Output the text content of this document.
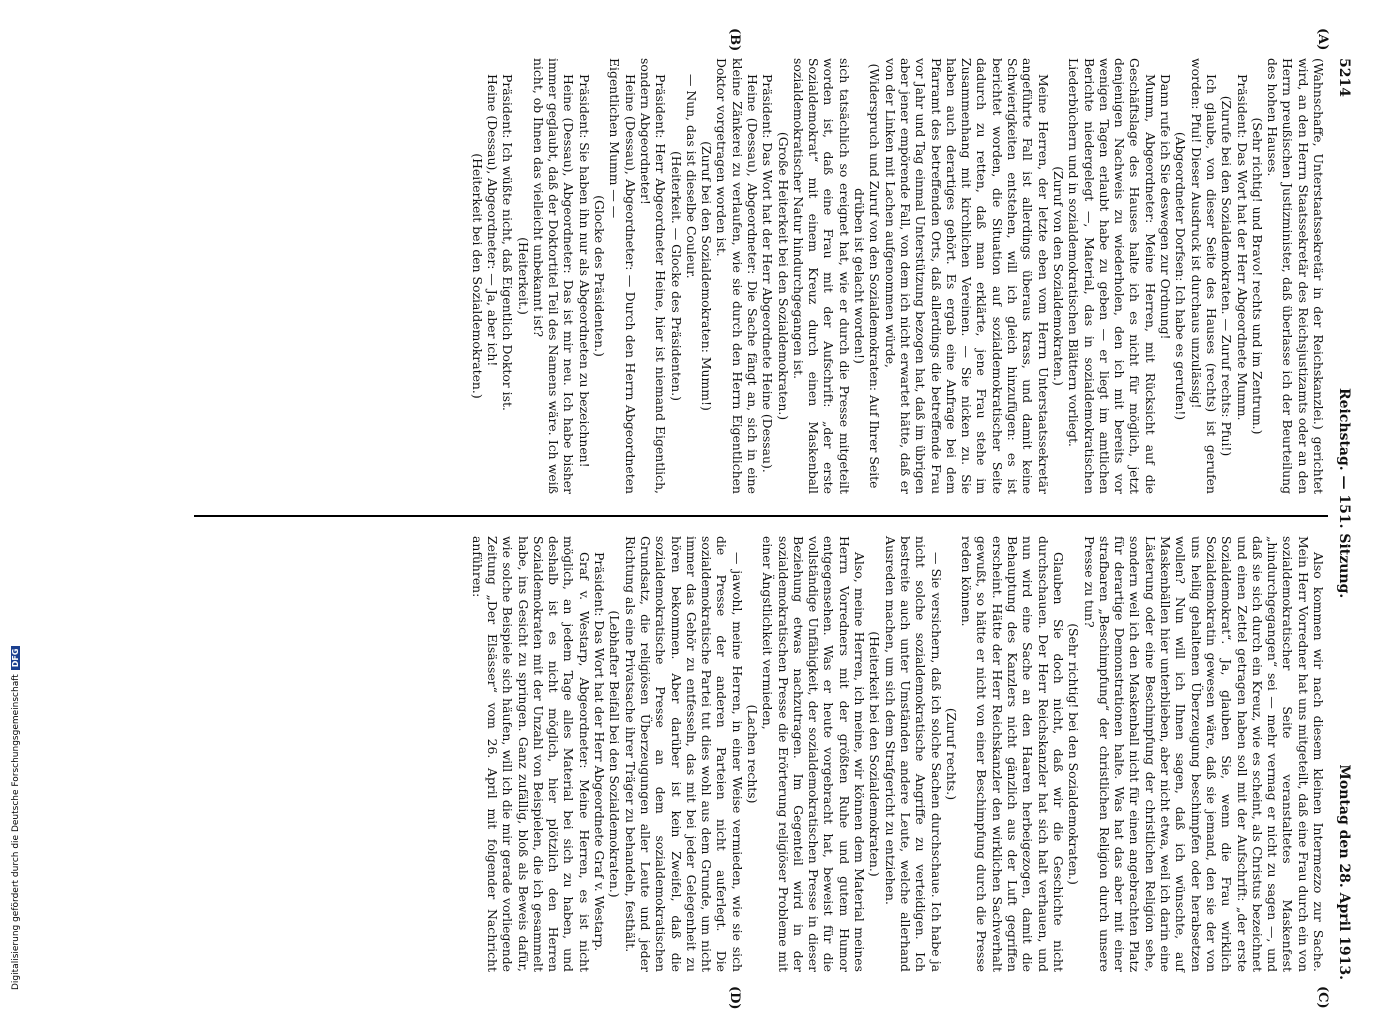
Digitalisierung gefördert durch die Deutsche ForschungsgemeinschaftDFG
5214
Reichstag. — 151. Sitzung.
Montag den 28. April 1913.
(A)
(B)
(C)
(D)

(Wahnschaffe, Unterstaatssekretär in der Reichskanzlei.) gerichtet wird, an den Herrn Staatssekretär des Reichsjustizamts oder an den Herrn preußischen Justizminister, daß überlasse ich der Beurteilung des hohen Hauses.

(Sehr richtig! und Bravo! rechts und im Zentrum.)

Präsident: Das Wort hat der Herr Abgeordnete Mumm.

(Zurufe bei den Sozialdemokraten. — Zuruf rechts: Pfui!)

Ich glaube, von dieser Seite des Hauses (rechts) ist gerufen worden: Pfui! Dieser Ausdruck ist durchaus unzulässig!

(Abgeordneter Dorfsen: Ich habe es gerufen!)

Dann rufe ich Sie deswegen zur Ordnung!

Mumm, Abgeordneter: Meine Herren, mit Rücksicht auf die Geschäftslage des Hauses halte ich es nicht für möglich, jetzt denjenigen Nachweis zu wiederholen, den ich mit bereits vor wenigen Tagen erlaubt habe zu geben — er liegt im amtlichen Berichte niedergelegt —, Material, das in sozialdemokratischen Liederbüchern und in sozialdemokratischen Blättern vorliegt.

(Zuruf von den Sozialdemokraten.)

Meine Herren, der letzte eben vom Herrn Unterstaatssekretär angeführte Fall ist allerdings überaus krass, und damit keine Schwierigkeiten entstehen, will ich gleich hinzufügen: es ist berichtet worden, die Situation auf sozialdemokratischer Seite dadurch zu retten, daß man erklärte, jene Frau stehe im Zusammenhang mit kirchlichen Vereinen. — Sie nicken zu. Sie haben auch derartiges gehört. Es ergab eine Anfrage bei dem Pfarramt des betreffenden Orts, daß allerdings die betreffende Frau vor Jahr und Tag einmal Unterstützung bezogen hat, daß im übrigen aber jener empörende Fall, von dem ich nicht erwartet hätte, daß er von der Linken mit Lachen aufgenommen würde,

(Widerspruch und Zuruf von den Sozialdemokraten: Auf Ihrer Seite drüben ist gelacht worden!)

sich tatsächlich so ereignet hat, wie er durch die Presse mitgeteilt worden ist, daß eine Frau mit der Aufschrift: „der erste Sozialdemokrat“ mit einem Kreuz durch einen Maskenball sozialdemokratischer Natur hindurchgegangen ist.

(Große Heiterkeit bei den Sozialdemokraten.)

Präsident: Das Wort hat der Herr Abgeordnete Heine (Dessau).

Heine (Dessau), Abgeordneter: Die Sache fängt an, sich in eine kleine Zänkerei zu verlaufen, wie sie durch den Herrn Eigentlichen Doktor vorgetragen worden ist.

(Zuruf bei den Sozialdemokraten: Mumm!)

— Nun, das ist dieselbe Couleur.

(Heiterkeit. — Glocke des Präsidenten.)

Präsident: Herr Abgeordneter Heine, hier ist niemand Eigentlich, sondern Abgeordneter!

Heine (Dessau), Abgeordneter: — Durch den Herrn Abgeordneten Eigentlichen Mumm — —

(Glocke des Präsidenten.)

Präsident: Sie haben ihn nur als Abgeordneten zu bezeichnen!

Heine (Dessau), Abgeordneter: Das ist mir neu. Ich habe bisher immer geglaubt, daß der Doktortitel Teil des Namens wäre. Ich weiß nicht, ob Ihnen das vielleicht unbekannt ist?

(Heiterkeit.)

Präsident: Ich wüßte nicht, daß Eigentlich Doktor ist.

Heine (Dessau), Abgeordneter: — Ja, aber ich!

(Heiterkeit bei den Sozialdemokraten.)

Also kommen wir nach diesem kleinen Intermezzo zur Sache. Mein Herr Vorredner hat uns mitgeteilt, daß eine Frau durch ein von sozialdemokratischer Seite veranstaltetes Maskenfest „hindurchgegangen“ sei — mehr vermag er nicht zu sagen —, und daß sie sich durch ein Kreuz, wie es scheint, als Christus bezeichnet und einen Zettel getragen haben soll mit der Aufschrift: „der erste Sozialdemokrat“. Ja, glauben Sie, wenn die Frau wirklich Sozialdemokratin gewesen wäre, daß sie jemand, den sie der von uns heilig gehaltenen Überzeugung beschimpfen oder herabsetzen wollen? Nun will ich Ihnen sagen, daß ich wünschte, auf Maskenbällen hier unterblieben, aber nicht etwa, weil ich darin eine Lästerung oder eine Beschimpfung der christlichen Religion sehe, sondern weil ich den Maskenball nicht für einen angebrachten Platz für derartige Demonstrationen halte. Was hat das aber mit einer strafbaren „Beschimpfung“ der christlichen Religion durch unsere Presse zu tun?

(Sehr richtig! bei den Sozialdemokraten.)

Glauben Sie doch nicht, daß wir die Geschichte nicht durchschauen. Der Herr Reichskanzler hat sich halt verhauen, und nun wird eine Sache an den Haaren herbeigezogen, damit die Behauptung des Kanzlers nicht gänzlich aus der Luft gegriffen erscheint. Hätte der Herr Reichskanzler den wirklichen Sachverhalt gewußt, so hätte er nicht von einer Beschimpfung durch die Presse reden können.

(Zuruf rechts.)

— Sie versichern, daß ich solche Sachen durchschaue. Ich habe ja nicht solche sozialdemokratische Angriffe zu verteidigen. Ich bestreite auch unter Umständen andere Leute, welche allerhand Ausreden machen, um sich dem Strafgericht zu entziehen.

(Heiterkeit bei den Sozialdemokraten.)

Also, meine Herren, ich meine, wir können dem Material meines Herrn Vorredners mit der größten Ruhe und gutem Humor entgegensehen. Was er heute vorgebracht hat, beweist für die vollständige Unfähigkeit, der sozialdemokratischen Presse in dieser Beziehung etwas nachzutragen. Im Gegenteil wird in der sozialdemokratischen Presse die Erörterung religiöser Probleme mit einer Ängstlichkeit vermieden,

(Lachen rechts)

— jawohl, meine Herren, in einer Weise vermieden, wie sie sich die Presse der anderen Parteien nicht auferlegt. Die sozialdemokratische Partei tut dies wohl aus dem Grunde, um nicht immer das Gehör zu entfesseln, das mit bei jeder Gelegenheit zu hören bekommen. Aber darüber ist kein Zweifel, daß die sozialdemokratische Presse an dem sozialdemokratischen Grundsatz, die religiösen Überzeugungen aller Leute und jeder Richtung als eine Privatsache ihrer Träger zu behandeln, festhält.

(Lebhafter Beifall bei den Sozialdemokraten.)

Präsident: Das Wort hat der Herr Abgeordnete Graf v. Westarp.

Graf v. Westarp, Abgeordneter: Meine Herren, es ist nicht möglich, an jedem Tage alles Material bei sich zu haben, und deshalb ist es nicht möglich, hier plötzlich den Herren Sozialdemokraten mit der Unzahl von Beispielen, die ich gesammelt habe, ins Gesicht zu springen. Ganz zufällig, bloß als Beweis dafür, wie solche Beispiele sich häufen, will ich die mir gerade vorliegende Zeitung „Der Elsässer“ vom 26. April mit folgender Nachricht anführen:
